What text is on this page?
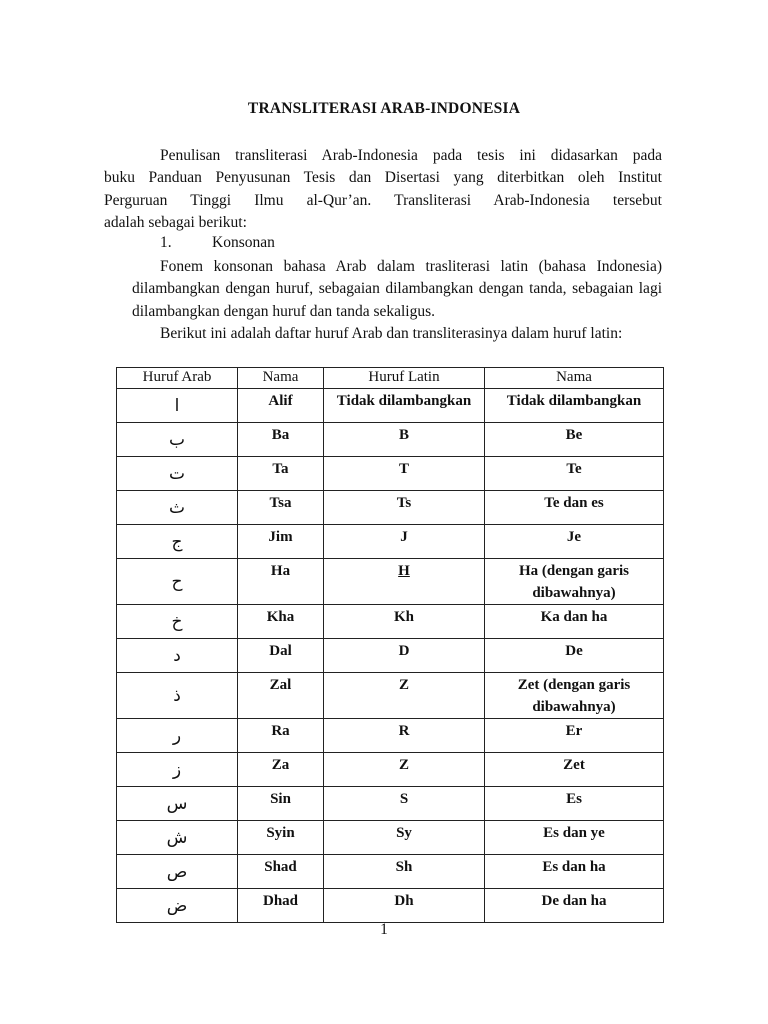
TRANSLITERASI ARAB-INDONESIA
Penulisan transliterasi Arab-Indonesia pada tesis ini didasarkan pada
buku Panduan Penyusunan Tesis dan Disertasi yang diterbitkan oleh Institut
Perguruan Tinggi Ilmu al-Qur’an. Transliterasi Arab-Indonesia tersebut
adalah sebagai berikut:
1.	Konsonan
Fonem konsonan bahasa Arab dalam trasliterasi latin (bahasa Indonesia) dilambangkan dengan huruf, sebagaian dilambangkan dengan tanda, sebagaian lagi dilambangkan dengan huruf dan tanda sekaligus.
Berikut ini adalah daftar huruf Arab dan transliterasinya dalam huruf latin:
Huruf Arab	Nama	Huruf Latin	Nama
ا	Alif	Tidak dilambangkan	Tidak dilambangkan
ب	Ba	B	Be
ت	Ta	T	Te
ث	Tsa	Ts	Te dan es
ج	Jim	J	Je
ح	Ha	H	Ha (dengan garis dibawahnya)
خ	Kha	Kh	Ka dan ha
د	Dal	D	De
ذ	Zal	Z	Zet (dengan garis dibawahnya)
ر	Ra	R	Er
ز	Za	Z	Zet
س	Sin	S	Es
ش	Syin	Sy	Es dan ye
ص	Shad	Sh	Es dan ha
ض	Dhad	Dh	De dan ha
1
